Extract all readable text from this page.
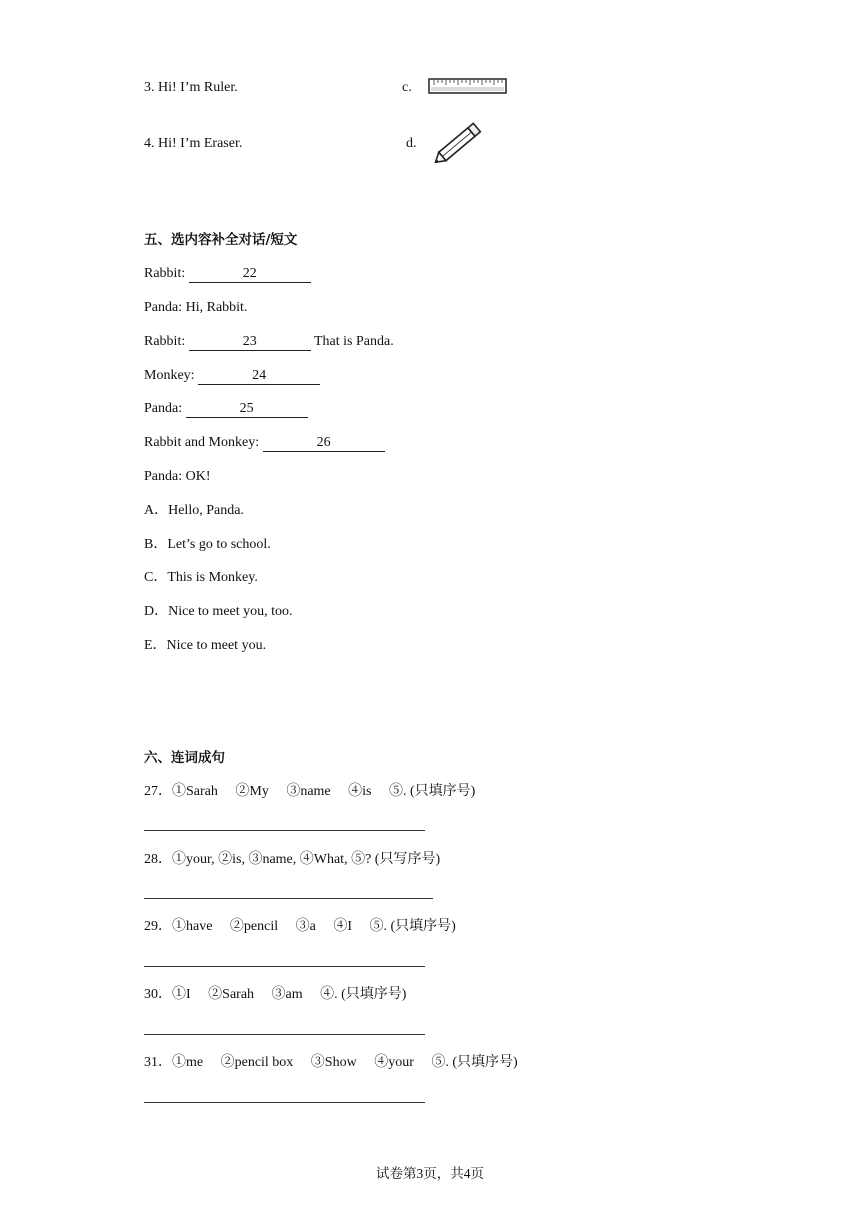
3. Hi! I’m Ruler.	c.
4. Hi! I’m Eraser.	d.
五、选内容补全对话/短文
Rabbit:	22
Panda: Hi, Rabbit.
Rabbit:	23	That is Panda.
Monkey:	24
Panda:	25
Rabbit and Monkey:	26
Panda: OK!
A．Hello, Panda.
B．Let’s go to school.
C．This is Monkey.
D．Nice to meet you, too.
E．Nice to meet you.
六、连词成句
27．①Sarah     ②My     ③name     ④is     ⑤. (只填序号)
28．①your, ②is, ③name, ④What, ⑤? (只写序号)
29．①have     ②pencil     ③a     ④I     ⑤. (只填序号)
30．①I     ②Sarah     ③am     ④. (只填序号)
31．①me     ②pencil box     ③Show     ④your     ⑤. (只填序号)
试卷第3页，共4页
